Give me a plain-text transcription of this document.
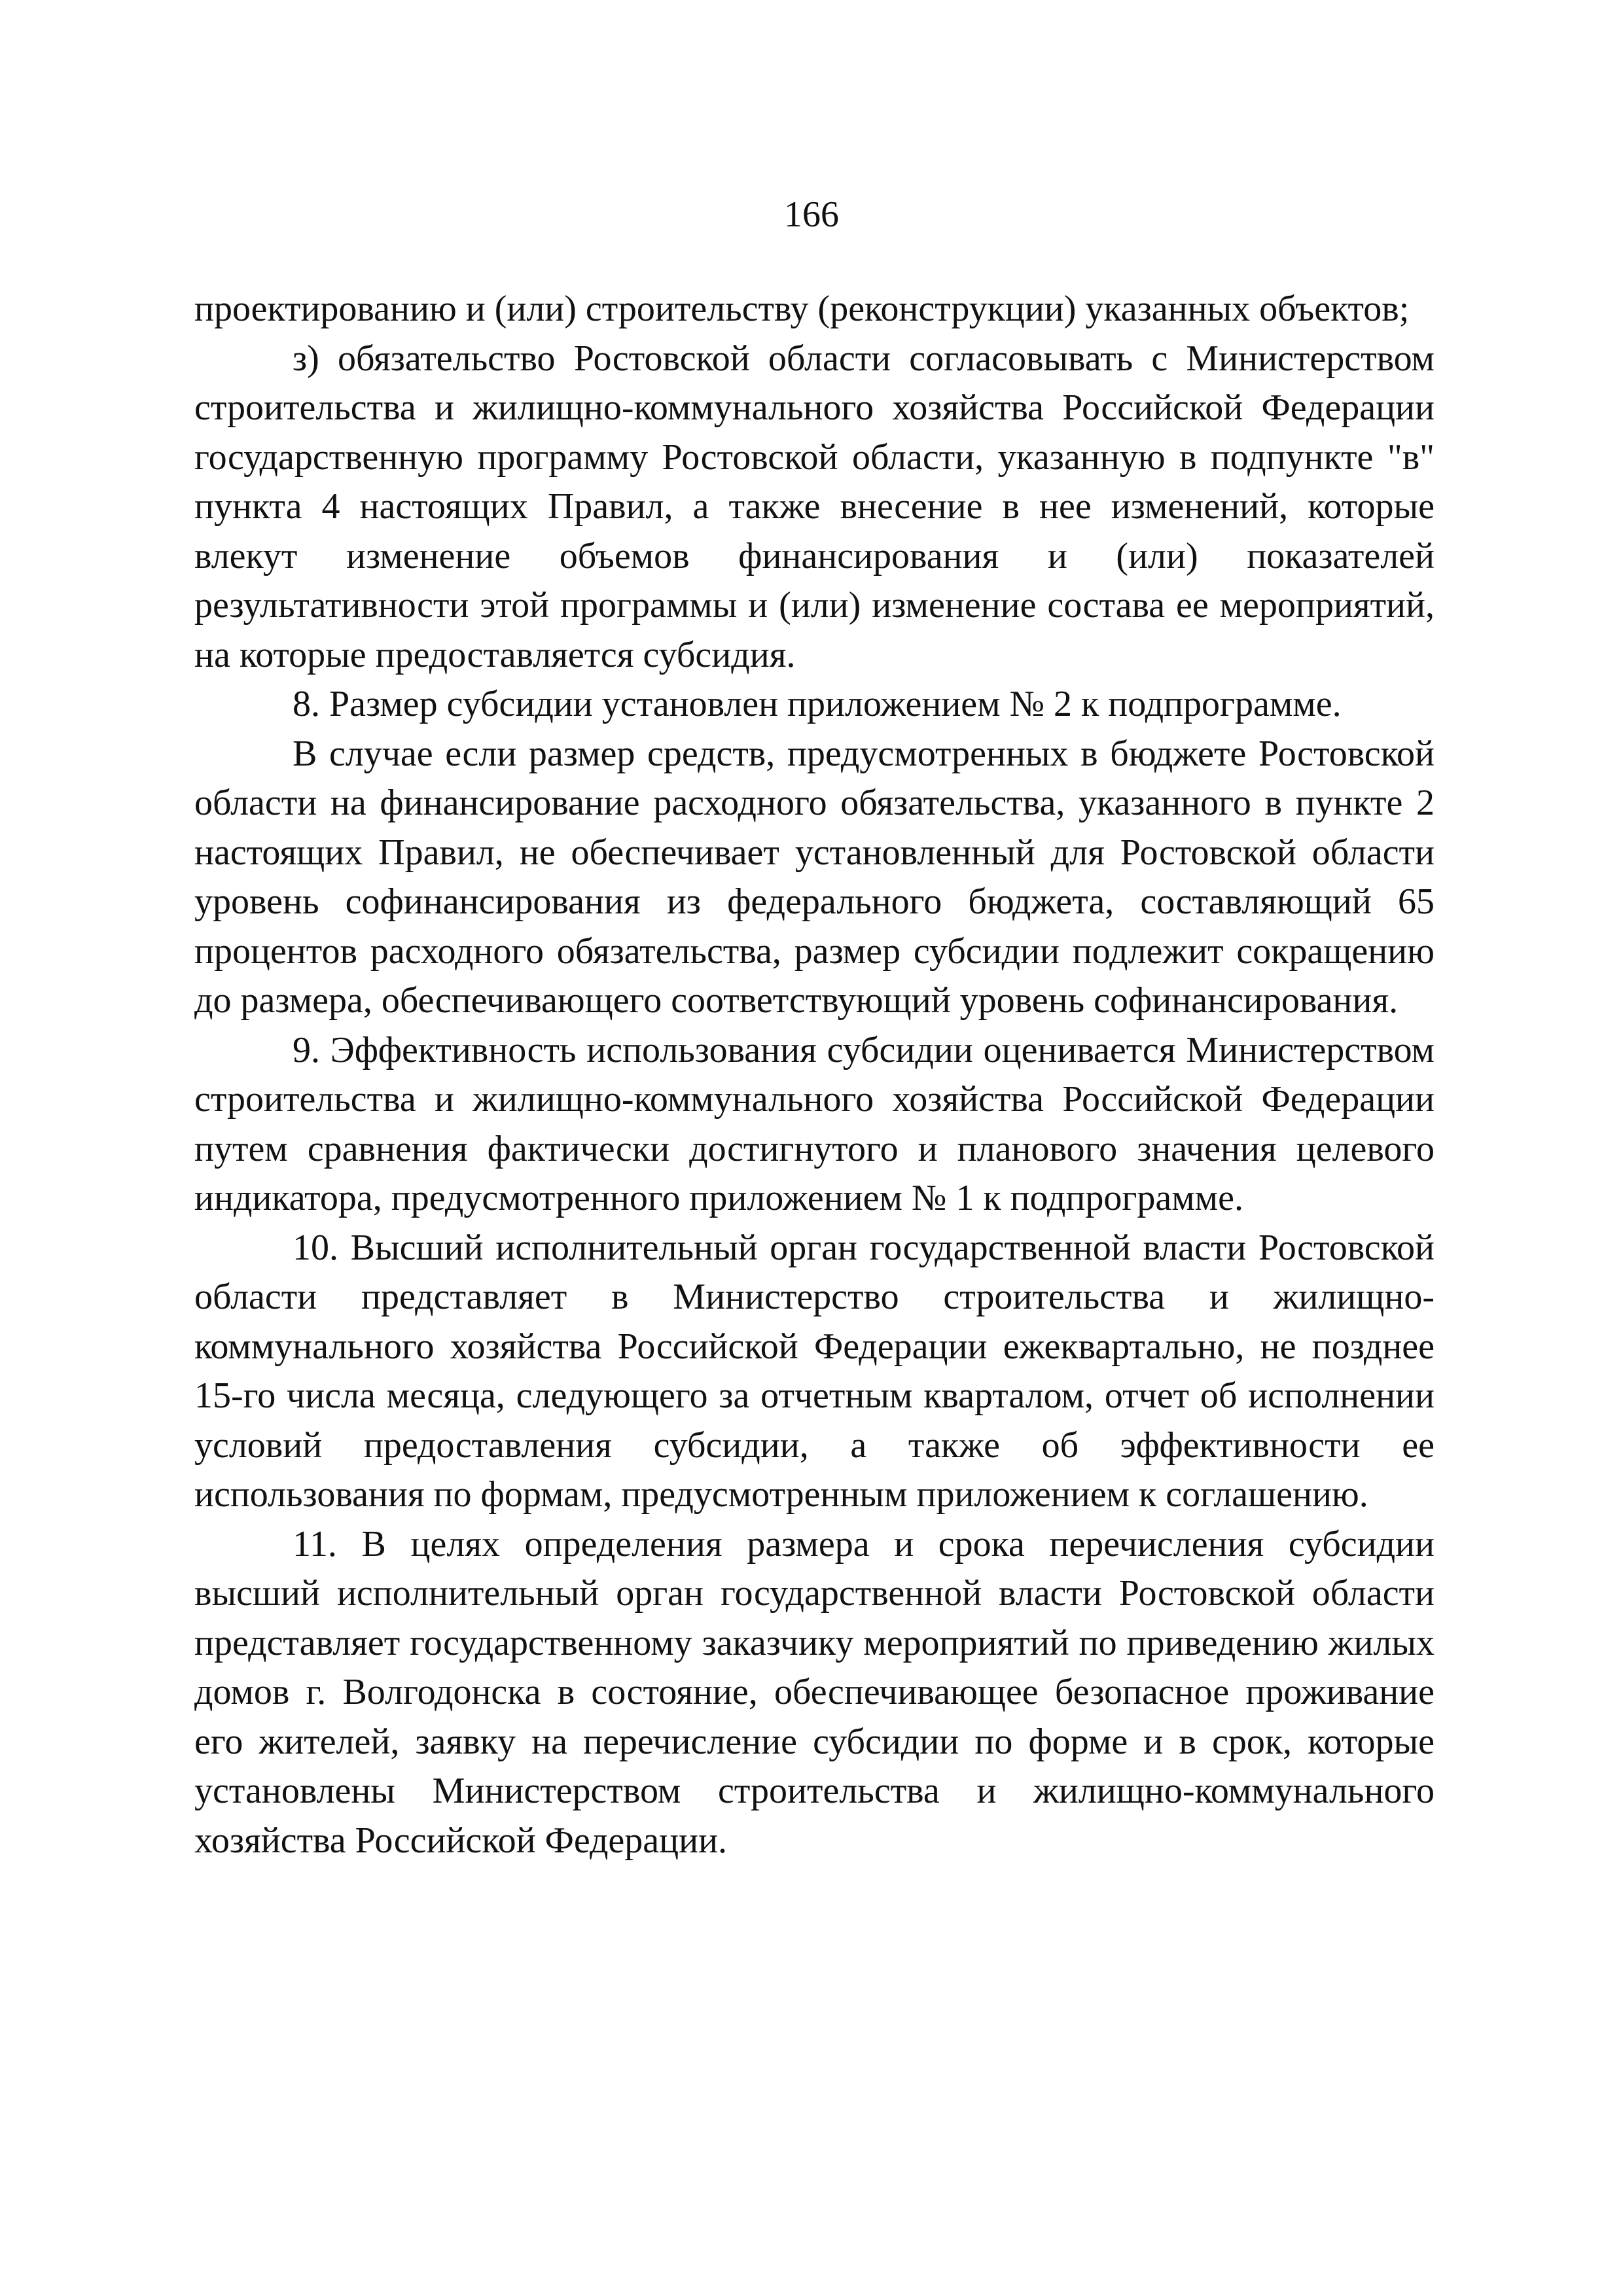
166

проектированию и (или) строительству (реконструкции) указанных объектов;

з) обязательство Ростовской области согласовывать с Министерством строительства и жилищно-коммунального хозяйства Российской Федерации государственную программу Ростовской области, указанную в подпункте "в" пункта 4 настоящих Правил, а также внесение в нее изменений, которые влекут изменение объемов финансирования и (или) показателей результативности этой программы и (или) изменение состава ее мероприятий, на которые предоставляется субсидия.

8. Размер субсидии установлен приложением № 2 к подпрограмме.

В случае если размер средств, предусмотренных в бюджете Ростовской области на финансирование расходного обязательства, указанного в пункте 2 настоящих Правил, не обеспечивает установленный для Ростовской области уровень софинансирования из федерального бюджета, составляющий 65 процентов расходного обязательства, размер субсидии подлежит сокращению до размера, обеспечивающего соответствующий уровень софинансирования.

9. Эффективность использования субсидии оценивается Министерством строительства и жилищно-коммунального хозяйства Российской Федерации путем сравнения фактически достигнутого и планового значения целевого индикатора, предусмотренного приложением № 1 к подпрограмме.

10. Высший исполнительный орган государственной власти Ростовской области представляет в Министерство строительства и жилищно-коммунального хозяйства Российской Федерации ежеквартально, не позднее 15-го числа месяца, следующего за отчетным кварталом, отчет об исполнении условий предоставления субсидии, а также об эффективности ее использования по формам, предусмотренным приложением к соглашению.

11. В целях определения размера и срока перечисления субсидии высший исполнительный орган государственной власти Ростовской области представляет государственному заказчику мероприятий по приведению жилых домов г. Волгодонска в состояние, обеспечивающее безопасное проживание его жителей, заявку на перечисление субсидии по форме и в срок, которые установлены Министерством строительства и жилищно-коммунального хозяйства Российской Федерации.
